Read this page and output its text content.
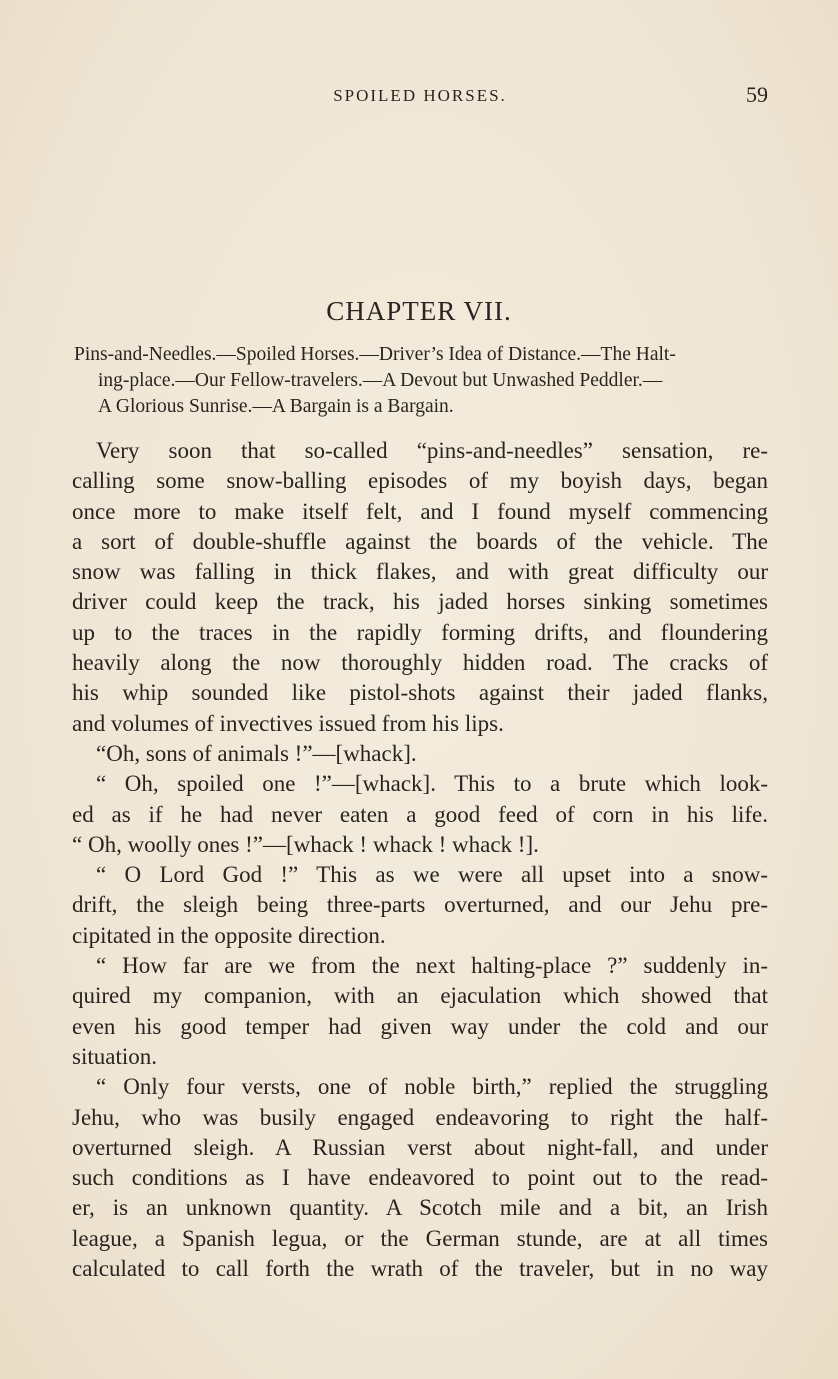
SPOILED HORSES.	59
CHAPTER VII.
Pins-and-Needles.—Spoiled Horses.—Driver’s Idea of Distance.—The Halt-
ing-place.—Our Fellow-travelers.—A Devout but Unwashed Peddler.—
A Glorious Sunrise.—A Bargain is a Bargain.
Very soon that so-called “pins-and-needles” sensation, re-
calling some snow-balling episodes of my boyish days, began
once more to make itself felt, and I found myself commencing
a sort of double-shuffle against the boards of the vehicle. The
snow was falling in thick flakes, and with great difficulty our
driver could keep the track, his jaded horses sinking sometimes
up to the traces in the rapidly forming drifts, and floundering
heavily along the now thoroughly hidden road. The cracks of
his whip sounded like pistol-shots against their jaded flanks,
and volumes of invectives issued from his lips.
“Oh, sons of animals !”—[whack].
“ Oh, spoiled one !”—[whack]. This to a brute which look-
ed as if he had never eaten a good feed of corn in his life.
“ Oh, woolly ones !”—[whack ! whack ! whack !].
“ O Lord God !” This as we were all upset into a snow-
drift, the sleigh being three-parts overturned, and our Jehu pre-
cipitated in the opposite direction.
“ How far are we from the next halting-place ?” suddenly in-
quired my companion, with an ejaculation which showed that
even his good temper had given way under the cold and our
situation.
“ Only four versts, one of noble birth,” replied the struggling
Jehu, who was busily engaged endeavoring to right the half-
overturned sleigh. A Russian verst about night-fall, and under
such conditions as I have endeavored to point out to the read-
er, is an unknown quantity. A Scotch mile and a bit, an Irish
league, a Spanish legua, or the German stunde, are at all times
calculated to call forth the wrath of the traveler, but in no way
